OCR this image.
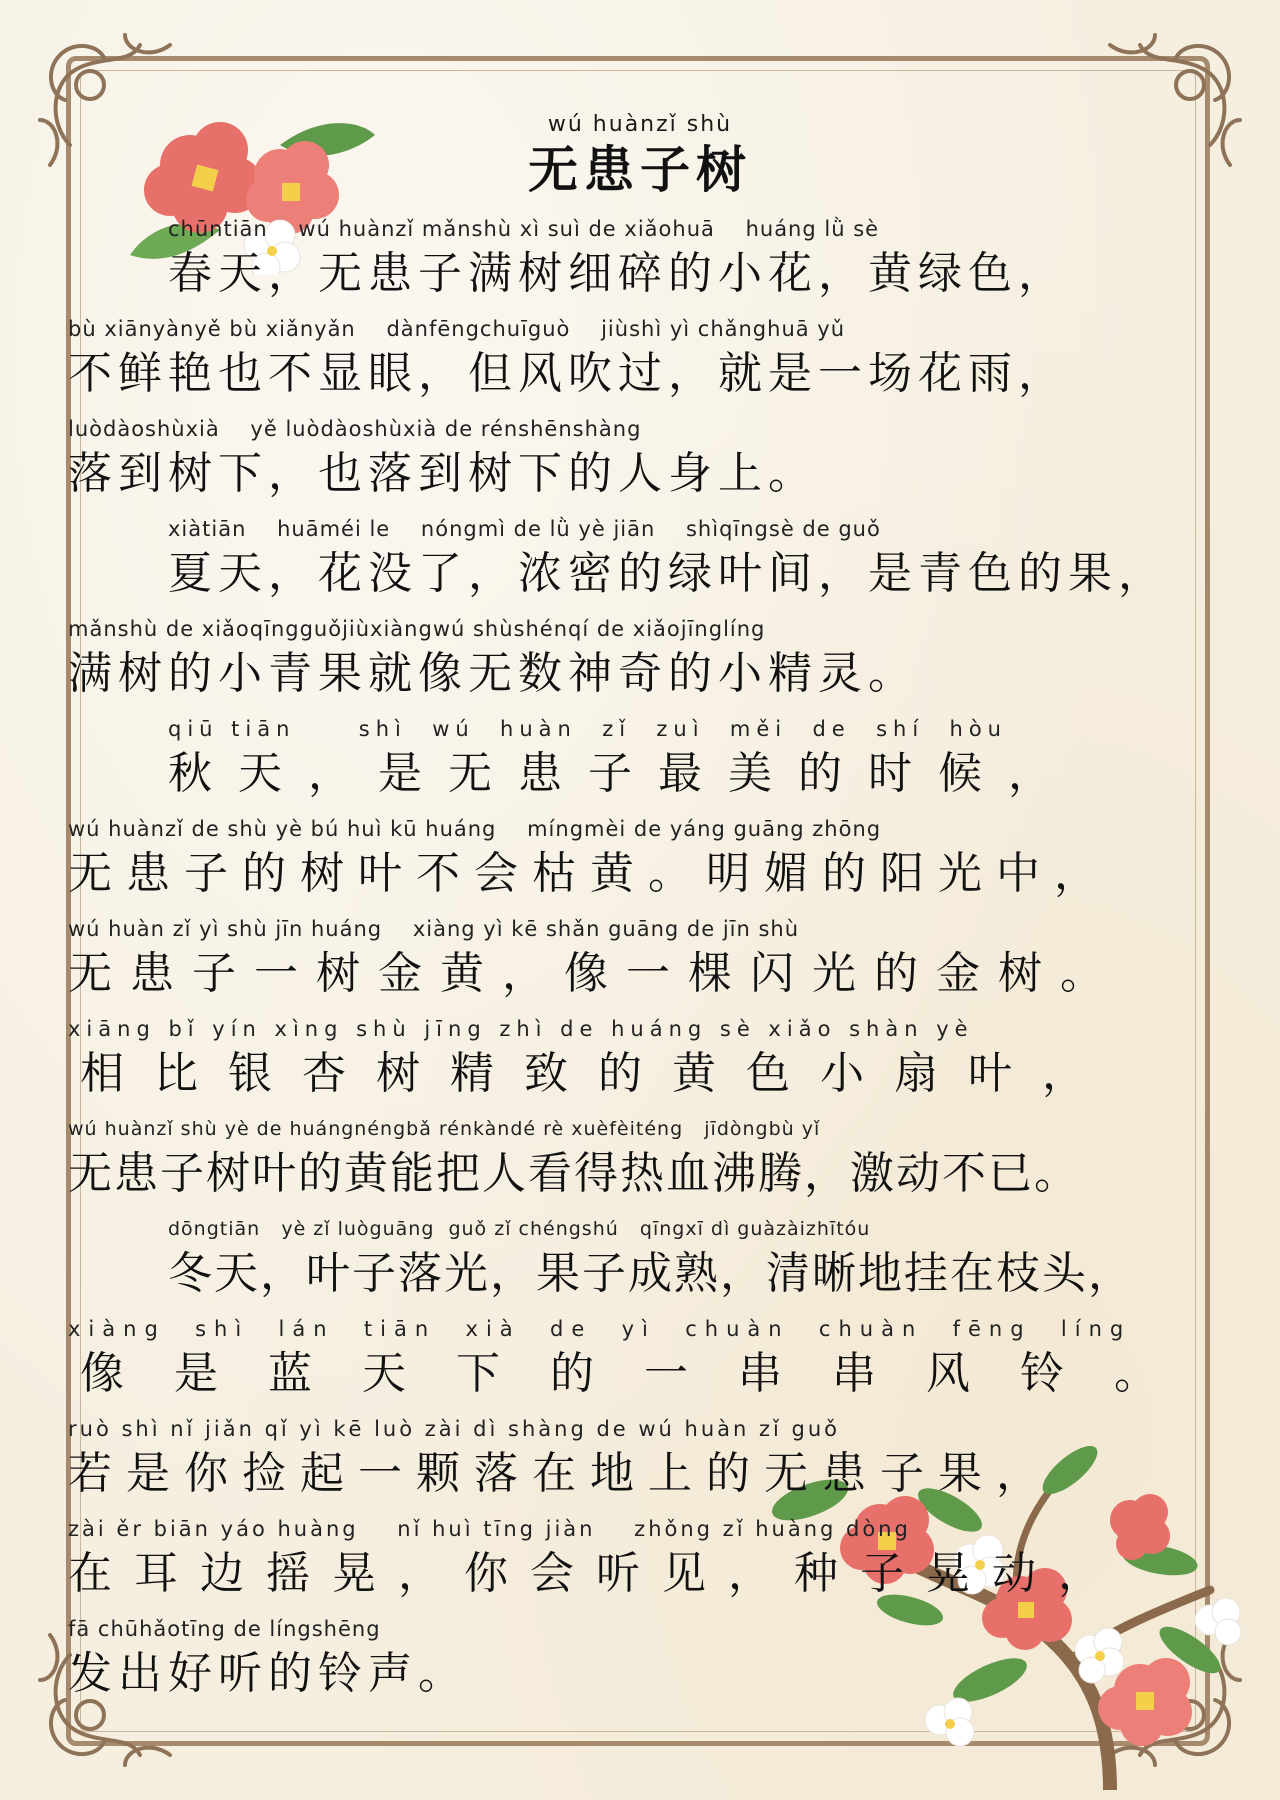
wú huànzǐ shù
无患子树
chūntiān    wú huànzǐ mǎnshù xì suì de xiǎohuā    huáng lǜ sè
春天，无患子满树细碎的小花，黄绿色，
bù xiānyànyě bù xiǎnyǎn    dànfēngchuīguò    jiùshì yì chǎnghuā yǔ
不鲜艳也不显眼，但风吹过，就是一场花雨，
luòdàoshùxià    yě luòdàoshùxià de rénshēnshàng
落到树下，也落到树下的人身上。
xiàtiān    huāméi le    nóngmì de lǜ yè jiān    shìqīngsè de guǒ
夏天，花没了，浓密的绿叶间，是青色的果，
mǎnshù de xiǎoqīngguǒjiùxiàngwú shùshénqí de xiǎojīnglíng
满树的小青果就像无数神奇的小精灵。
qiū tiān     shì  wú  huàn  zǐ  zuì  měi  de  shí  hòu
秋天，是无患子最美的时候，
wú huànzǐ de shù yè bú huì kū huáng    míngmèi de yáng guāng zhōng
无患子的树叶不会枯黄。明媚的阳光中，
wú huàn zǐ yì shù jīn huáng    xiàng yì kē shǎn guāng de jīn shù
无患子一树金黄，像一棵闪光的金树。
xiāng bǐ yín xìng shù jīng zhì de huáng sè xiǎo shàn yè
相比银杏树精致的黄色小扇叶，
wú huànzǐ shù yè de huángnéngbǎ rénkàndé rè xuèfèiténg   jīdòngbù yǐ
无患子树叶的黄能把人看得热血沸腾，激动不已。
dōngtiān   yè zǐ luòguāng  guǒ zǐ chéngshú   qīngxī dì guàzàizhītóu
冬天，叶子落光，果子成熟，清晰地挂在枝头，
xiàng  shì  lán  tiān  xià  de  yì  chuàn  chuàn  fēng  líng
像是蓝天下的一串串风铃。
ruò shì nǐ jiǎn qǐ yì kē luò zài dì shàng de wú huàn zǐ guǒ
若是你捡起一颗落在地上的无患子果，
zài ěr biān yáo huàng    nǐ huì tīng jiàn    zhǒng zǐ huàng dòng
在耳边摇晃，你会听见，种子晃动，
fā chūhǎotīng de língshēng
发出好听的铃声。
